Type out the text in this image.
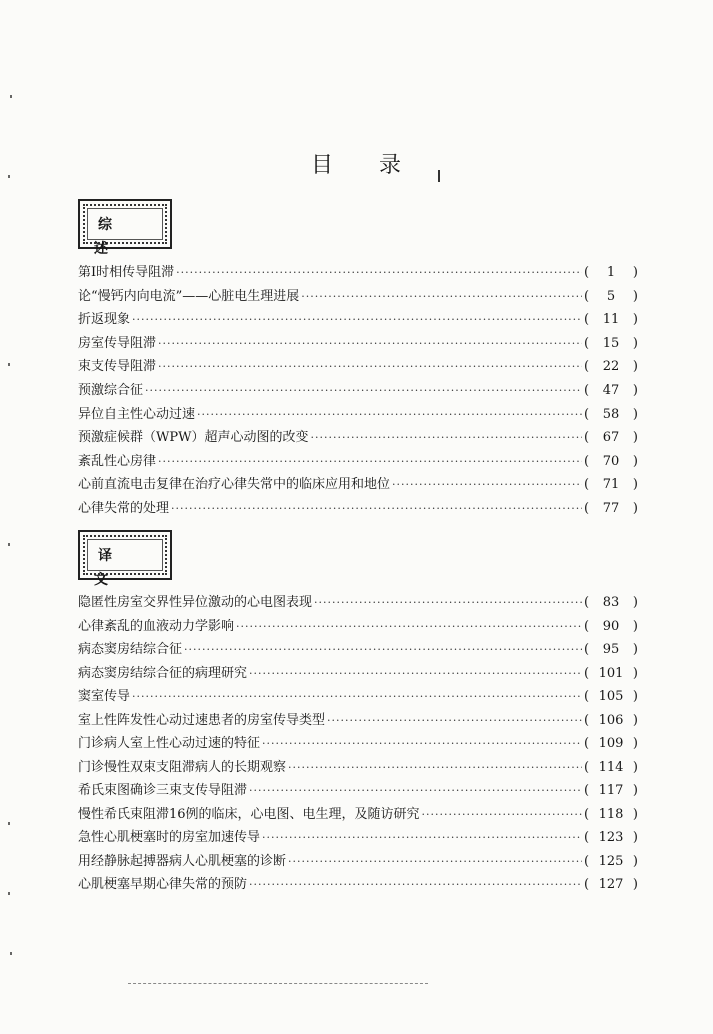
目 录
综述
第Ⅰ时相传导阻滞 ·····	(	1	)
论“慢钙内向电流”——心脏电生理进展 ·····	(	5	)
折返现象 ·····	(	11	)
房室传导阻滞 ·····	(	15	)
束支传导阻滞 ·····	(	22	)
预激综合征 ·····	(	47	)
异位自主性心动过速 ·····	(	58	)
预激症候群（WPW）超声心动图的改变 ·····	(	67	)
紊乱性心房律 ·····	(	70	)
心前直流电击复律在治疗心律失常中的临床应用和地位 ·····	(	71	)
心律失常的处理 ·····	(	77	)
译文
隐匿性房室交界性异位激动的心电图表现 ·····	(	83	)
心律紊乱的血液动力学影响 ·····	(	90	)
病态窦房结综合征 ·····	(	95	)
病态窦房结综合征的病理研究 ·····	( 101 )
窦室传导 ·····	( 105 )
室上性阵发性心动过速患者的房室传导类型 ·····	( 106 )
门诊病人室上性心动过速的特征 ·····	( 109 )
门诊慢性双束支阻滞病人的长期观察 ·····	( 114 )
希氏束图确诊三束支传导阻滞 ·····	( 117 )
慢性希氏束阻滞16例的临床，心电图、电生理，及随访研究 ·····	( 118 )
急性心肌梗塞时的房室加速传导 ·····	( 123 )
用经静脉起搏器病人心肌梗塞的诊断 ·····	( 125 )
心肌梗塞早期心律失常的预防 ·····	( 127 )
